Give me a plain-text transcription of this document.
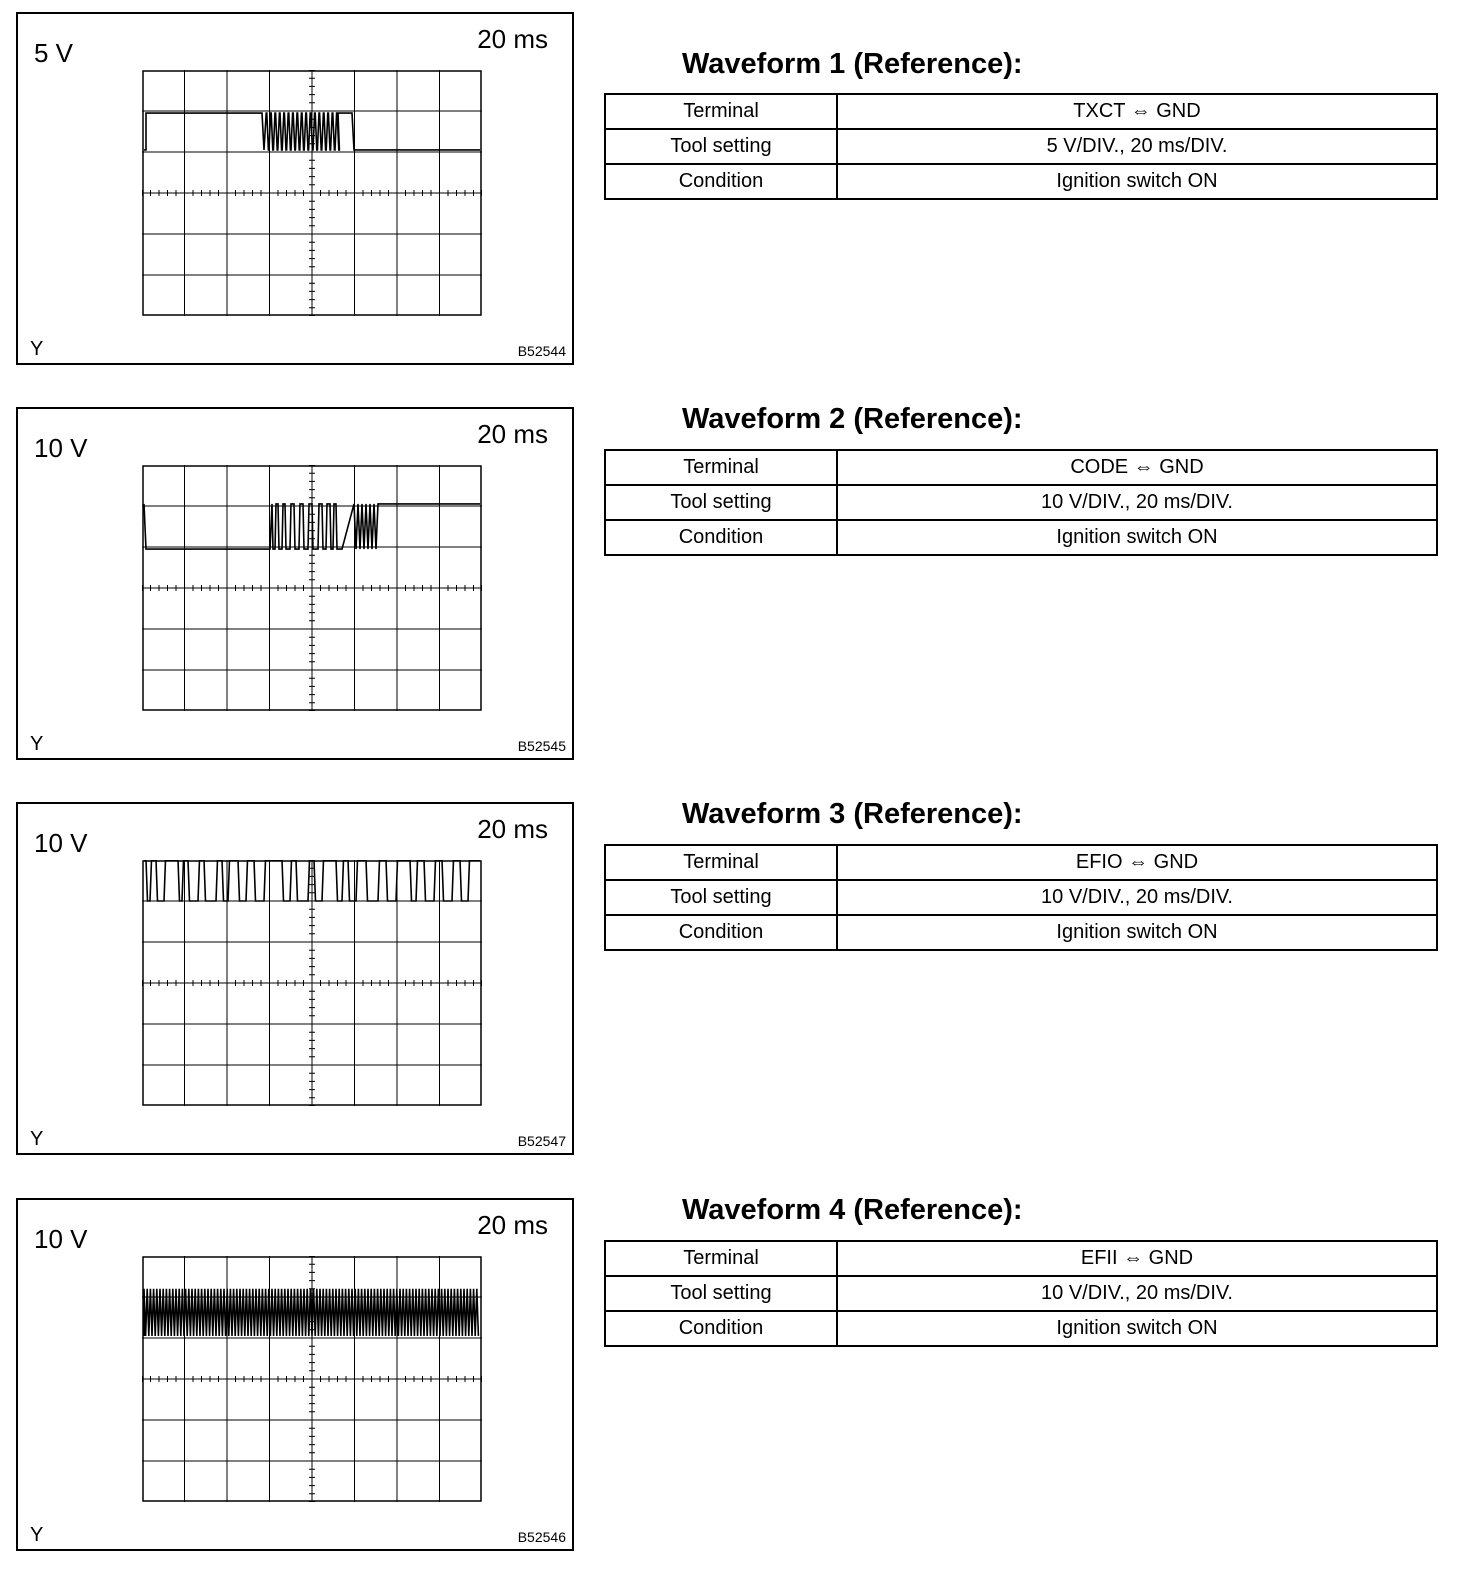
5 V	20 ms
Y	B52544
Waveform 1 (Reference):
Terminal	TXCT ⇔ GND
Tool setting	5 V/DIV., 20 ms/DIV.
Condition	Ignition switch ON
10 V	20 ms
Y	B52545
Waveform 2 (Reference):
Terminal	CODE ⇔ GND
Tool setting	10 V/DIV., 20 ms/DIV.
Condition	Ignition switch ON
10 V	20 ms
Y	B52547
Waveform 3 (Reference):
Terminal	EFIO ⇔ GND
Tool setting	10 V/DIV., 20 ms/DIV.
Condition	Ignition switch ON
10 V	20 ms
Y	B52546
Waveform 4 (Reference):
Terminal	EFII ⇔ GND
Tool setting	10 V/DIV., 20 ms/DIV.
Condition	Ignition switch ON
